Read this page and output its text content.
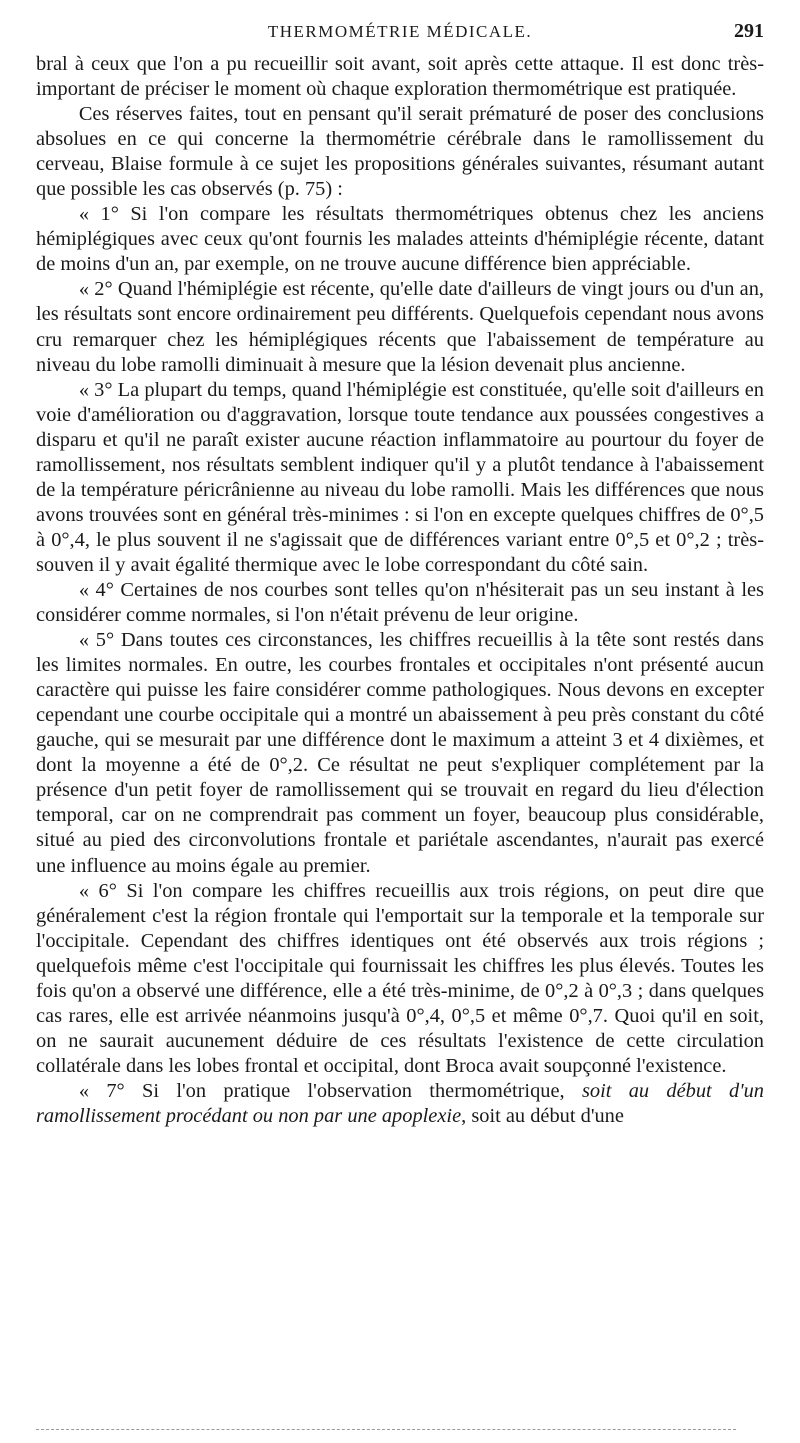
THERMOMÉTRIE MÉDICALE.	291

bral à ceux que l'on a pu recueillir soit avant, soit après cette attaque. Il est donc très-important de préciser le moment où chaque exploration thermométrique est pratiquée.

Ces réserves faites, tout en pensant qu'il serait prématuré de poser des conclusions absolues en ce qui concerne la thermométrie cérébrale dans le ramollissement du cerveau, Blaise formule à ce sujet les propositions générales suivantes, résumant autant que possible les cas observés (p. 75) :

« 1° Si l'on compare les résultats thermométriques obtenus chez les anciens hémiplégiques avec ceux qu'ont fournis les malades atteints d'hémiplégie récente, datant de moins d'un an, par exemple, on ne trouve aucune différence bien appréciable.

« 2° Quand l'hémiplégie est récente, qu'elle date d'ailleurs de vingt jours ou d'un an, les résultats sont encore ordinairement peu différents. Quelquefois cependant nous avons cru remarquer chez les hémiplégiques récents que l'abaissement de température au niveau du lobe ramolli diminuait à mesure que la lésion devenait plus ancienne.

« 3° La plupart du temps, quand l'hémiplégie est constituée, qu'elle soit d'ailleurs en voie d'amélioration ou d'aggravation, lorsque toute tendance aux poussées congestives a disparu et qu'il ne paraît exister aucune réaction inflammatoire au pourtour du foyer de ramollissement, nos résultats semblent indiquer qu'il y a plutôt tendance à l'abaissement de la température péricrânienne au niveau du lobe ramolli. Mais les différences que nous avons trouvées sont en général très-minimes : si l'on en excepte quelques chiffres de 0°,5 à 0°,4, le plus souvent il ne s'agissait que de différences variant entre 0°,5 et 0°,2 ; très-souven il y avait égalité thermique avec le lobe correspondant du côté sain.

« 4° Certaines de nos courbes sont telles qu'on n'hésiterait pas un seu instant à les considérer comme normales, si l'on n'était prévenu de leur origine.

« 5° Dans toutes ces circonstances, les chiffres recueillis à la tête sont restés dans les limites normales. En outre, les courbes frontales et occipitales n'ont présenté aucun caractère qui puisse les faire considérer comme pathologiques. Nous devons en excepter cependant une courbe occipitale qui a montré un abaissement à peu près constant du côté gauche, qui se mesurait par une différence dont le maximum a atteint 3 et 4 dixièmes, et dont la moyenne a été de 0°,2. Ce résultat ne peut s'expliquer complétement par la présence d'un petit foyer de ramollissement qui se trouvait en regard du lieu d'élection temporal, car on ne comprendrait pas comment un foyer, beaucoup plus considérable, situé au pied des circonvolutions frontale et pariétale ascendantes, n'aurait pas exercé une influence au moins égale au premier.

« 6° Si l'on compare les chiffres recueillis aux trois régions, on peut dire que généralement c'est la région frontale qui l'emportait sur la temporale et la temporale sur l'occipitale. Cependant des chiffres identiques ont été observés aux trois régions ; quelquefois même c'est l'occipitale qui fournissait les chiffres les plus élevés. Toutes les fois qu'on a observé une différence, elle a été très-minime, de 0°,2 à 0°,3 ; dans quelques cas rares, elle est arrivée néanmoins jusqu'à 0°,4, 0°,5 et même 0°,7. Quoi qu'il en soit, on ne saurait aucunement déduire de ces résultats l'existence de cette circulation collatérale dans les lobes frontal et occipital, dont Broca avait soupçonné l'existence.

« 7° Si l'on pratique l'observation thermométrique, soit au début d'un ramollissement procédant ou non par une apoplexie, soit au début d'une
